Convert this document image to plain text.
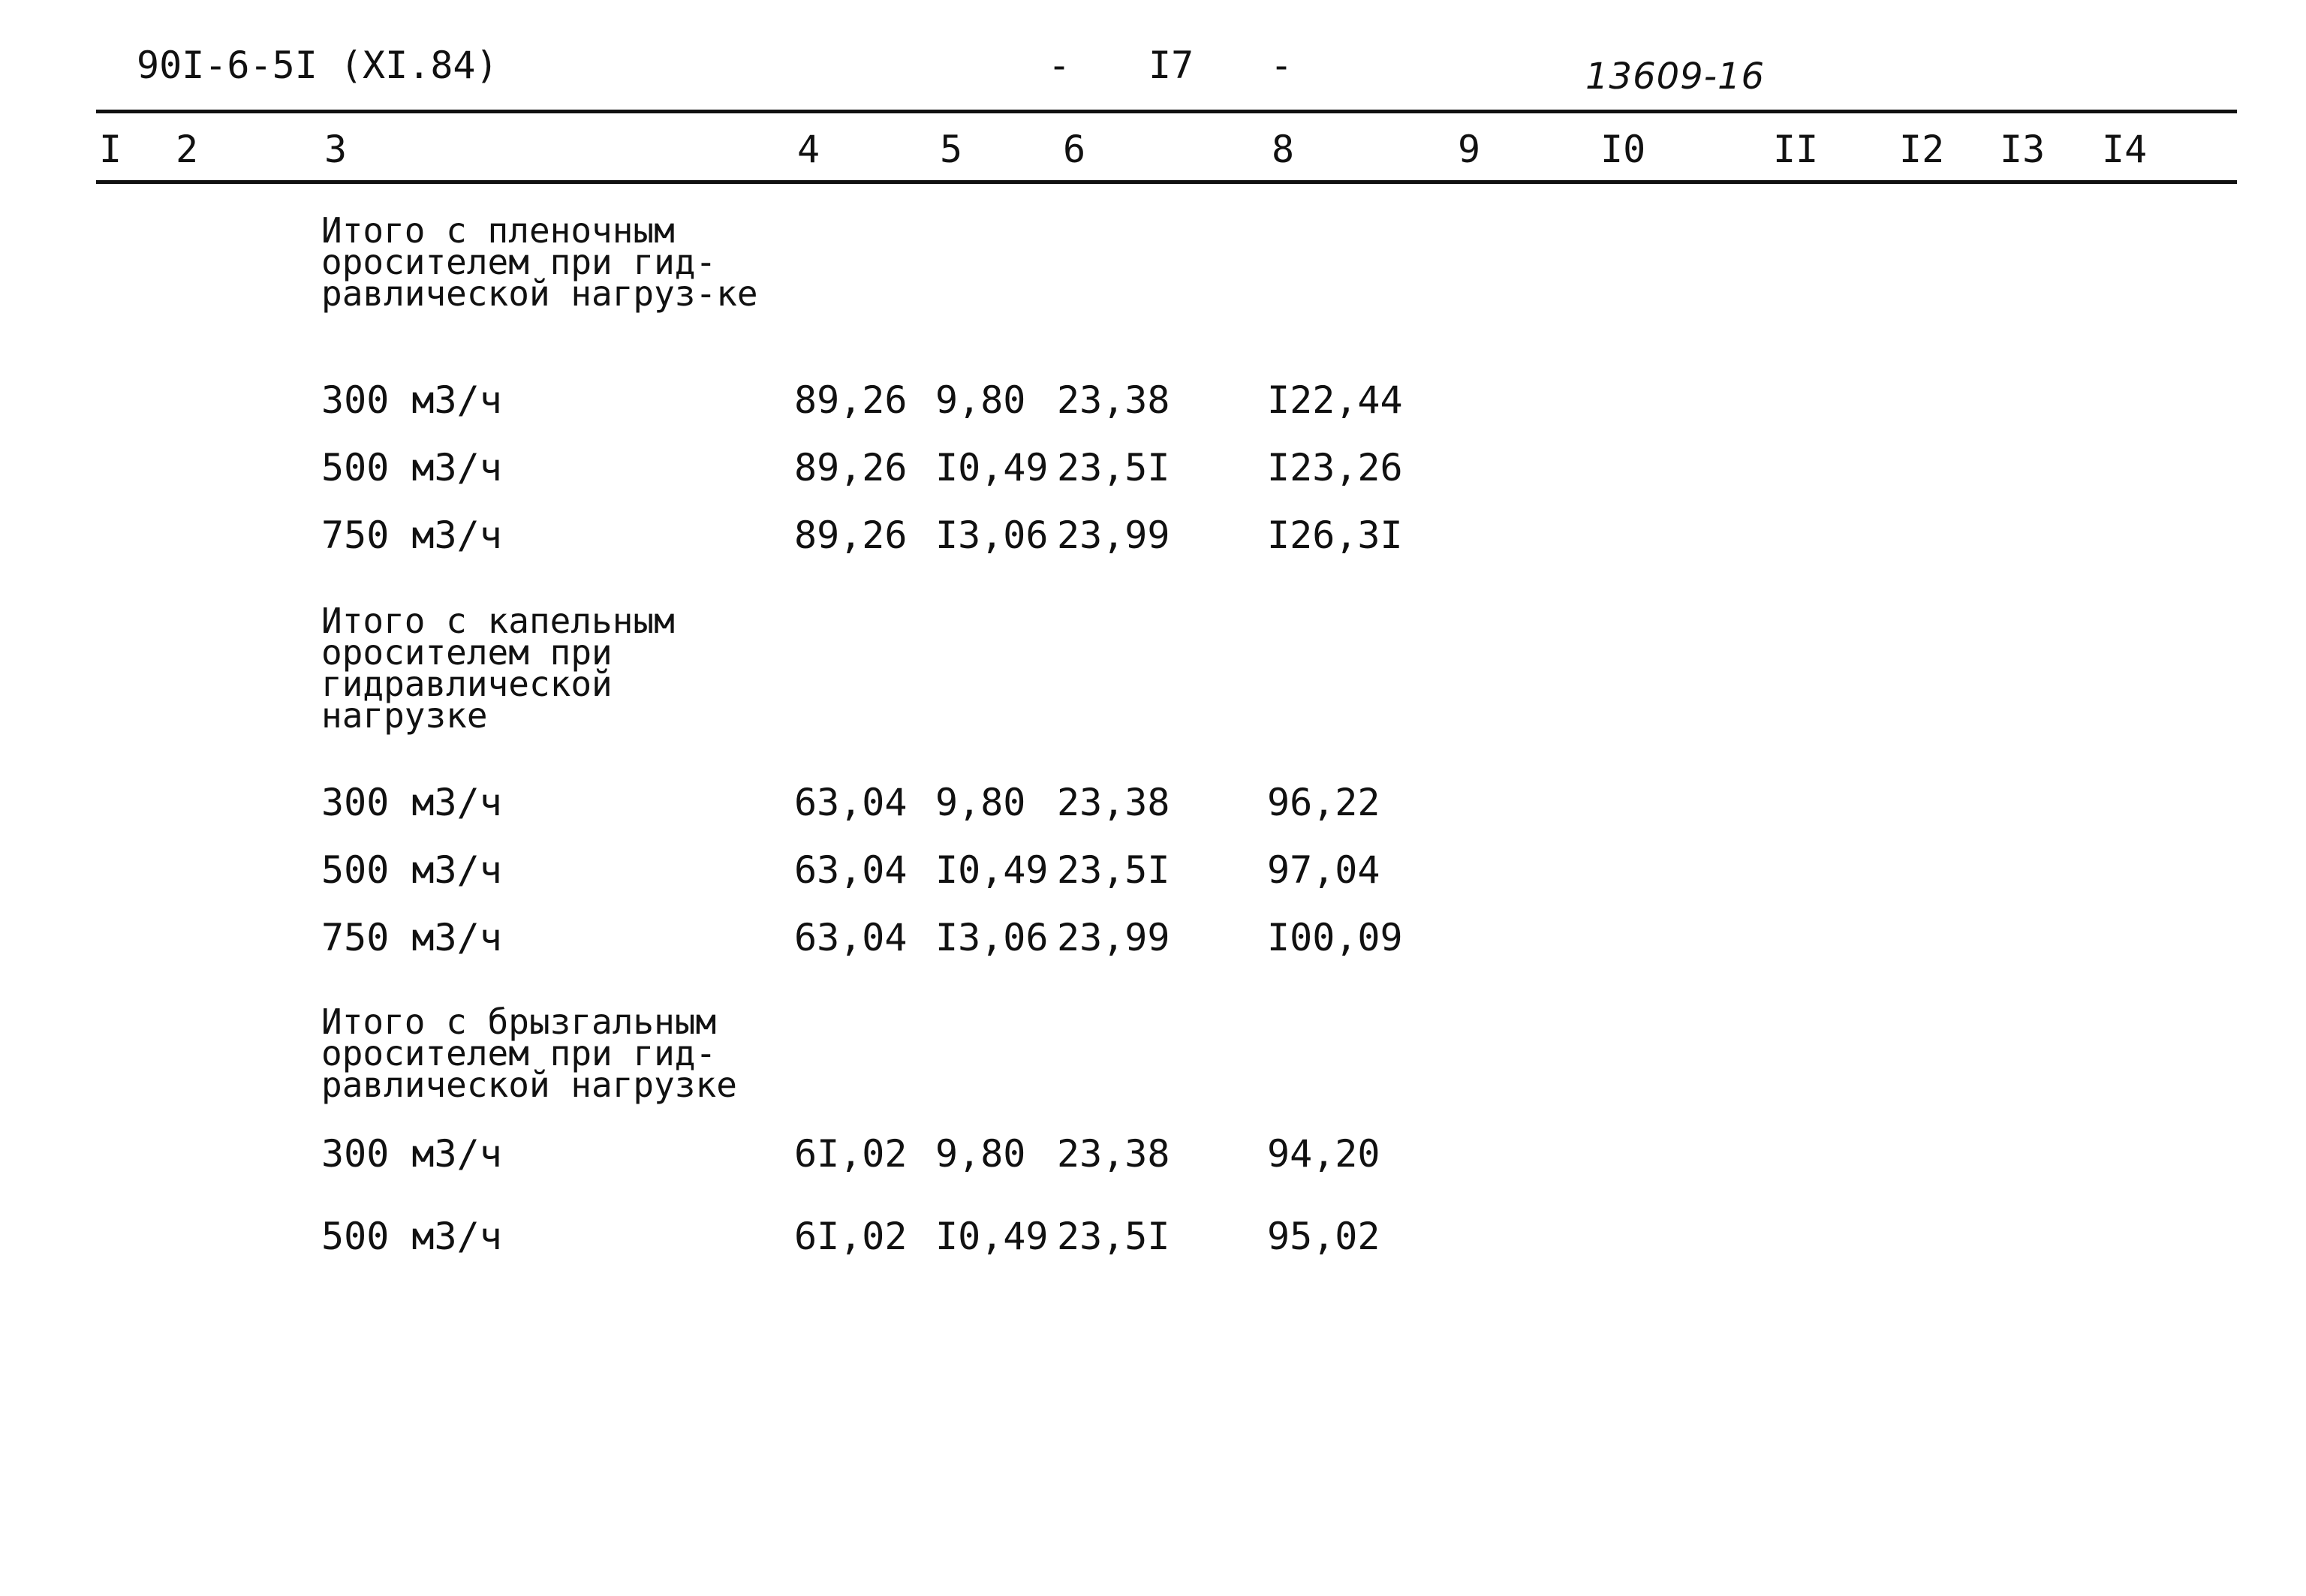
90I-6-5I (XI.84)	- I7 -	13609-16
I 2	3	4	5	6	8	9	I0	II I2 I3 I4
Итого с пленочным оросителем при гид-равлической нагруз-ке
300 м3/ч	89,26 9,80 23,38	I22,44
500 м3/ч	89,26 I0,49 23,5I	I23,26
750 м3/ч	89,26 I3,06 23,99	I26,3I
Итого с капельным оросителем при гидравлической нагрузке
300 м3/ч	63,04 9,80 23,38	96,22
500 м3/ч	63,04 I0,49 23,5I	97,04
750 м3/ч	63,04 I3,06 23,99	I00,09
Итого с брызгальным оросителем при гид-равлической нагрузке
300 м3/ч	6I,02 9,80 23,38	94,20
500 м3/ч	6I,02 I0,49 23,5I	95,02
